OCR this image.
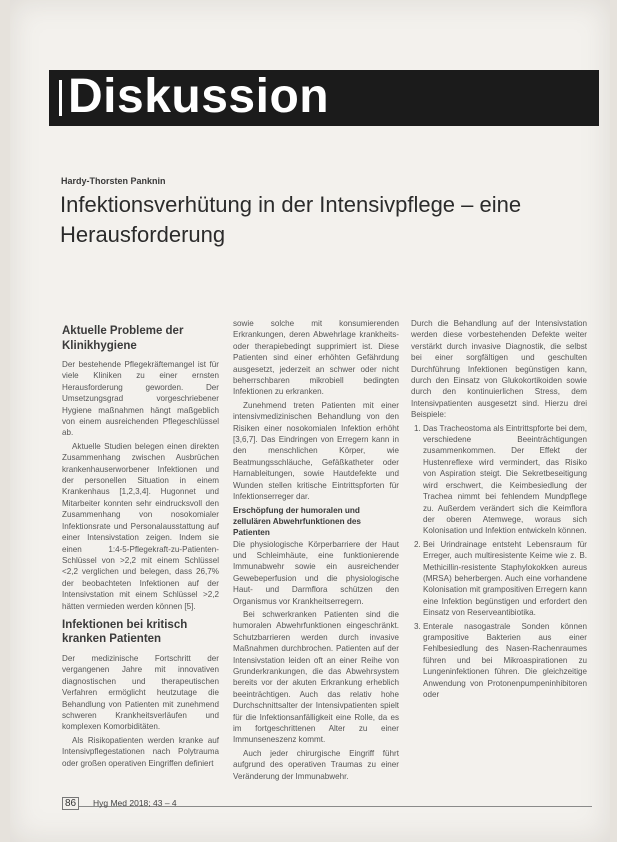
Diskussion
Hardy-Thorsten Panknin
Infektionsverhütung in der Intensivpflege – eine Herausforderung
Aktuelle Probleme der Klinikhygiene

Der bestehende Pflegekräftemangel ist für viele Kliniken zu einer ernsten Herausforderung geworden. Der Umsetzungsgrad vorgeschriebener Hygiene maßnahmen hängt maßgeblich von einem ausreichenden Pflegeschlüssel ab.

Aktuelle Studien belegen einen direkten Zusammenhang zwischen Ausbrüchen krankenhauserworbener Infektionen und der personellen Situation in einem Krankenhaus [1,2,3,4]. Hugonnet und Mitarbeiter konnten sehr eindrucksvoll den Zusammenhang von nosokomialer Infektionsrate und Personalausstattung auf einer Intensivstation zeigen. Indem sie einen 1:4-5-Pflegekraft-zu-Patienten-Schlüssel von >2,2 mit einem Schlüssel <2,2 verglichen und belegen, dass 26,7% der beobachteten Infektionen auf der Intensivstation mit einem Schlüssel >2,2 hätten vermieden werden können [5].

Infektionen bei kritisch kranken Patienten

Der medizinische Fortschritt der vergangenen Jahre mit innovativen diagnostischen und therapeutischen Verfahren ermöglicht heutzutage die Behandlung von Patienten mit zunehmend schweren Krankheitsverläufen und komplexen Komorbiditäten.

Als Risikopatienten werden kranke auf Intensivpflegestationen nach Polytrauma oder großen operativen Eingriffen definiert

sowie solche mit konsumierenden Erkrankungen, deren Abwehrlage krankheits- oder therapiebedingt supprimiert ist. Diese Patienten sind einer erhöhten Gefährdung ausgesetzt, jederzeit an schwer oder nicht beherrschbaren mikrobiell bedingten Infektionen zu erkranken.

Zunehmend treten Patienten mit einer intensivmedizinischen Behandlung von den Risiken einer nosokomialen Infektion erhöht [3,6,7]. Das Eindringen von Erregern kann in den menschlichen Körper, wie Beatmungsschläuche, Gefäßkatheter oder Harnableitungen, sowie Hautdefekte und Wunden stellen kritische Eintrittspforten für Infektionserreger dar.

Erschöpfung der humoralen und zellulären Abwehrfunktionen des Patienten

Die physiologische Körperbarriere der Haut und Schleimhäute, eine funktionierende Immunabwehr sowie ein ausreichender Gewebeperfusion und die physiologische Haut- und Darmflora schützen den Organismus vor Krankheitserregern.

Bei schwerkranken Patienten sind die humoralen Abwehrfunktionen eingeschränkt. Schutzbarrieren werden durch invasive Maßnahmen durchbrochen. Patienten auf der Intensivstation leiden oft an einer Reihe von Grunderkrankungen, die das Abwehrsystem bereits vor der akuten Erkrankung erheblich beeinträchtigen. Auch das relativ hohe Durchschnittsalter der Intensivpatienten spielt für die Infektionsanfälligkeit eine Rolle, da es im fortgeschrittenen Alter zu einer Immunseneszenz kommt.

Auch jeder chirurgische Eingriff führt aufgrund des operativen Traumas zu einer Veränderung der Immunabwehr.

Durch die Behandlung auf der Intensivstation werden diese vorbestehenden Defekte weiter verstärkt durch invasive Diagnostik, die selbst bei einer sorgfältigen und geschulten Durchführung Infektionen begünstigen kann, durch den Einsatz von Glukokortikoiden sowie durch den kontinuierlichen Stress, dem Intensivpatienten ausgesetzt sind. Hierzu drei Beispiele:

1. Das Tracheostoma als Eintrittspforte bei dem, verschiedene Beeinträchtigungen zusammenkommen. Der Effekt der Hustenreflexe wird vermindert, das Risiko von Aspiration steigt. Die Sekretbeseitigung wird erschwert, die Keimbesiedlung der Trachea nimmt bei fehlendem Mundpflege zu. Außerdem verändert sich die Keimflora der oberen Atemwege, woraus sich Kolonisation und Infektion entwickeln können.
2. Bei Urindrainage entsteht Lebensraum für Erreger, auch multiresistente Keime wie z. B. Methicillin-resistente Staphylokokken aureus (MRSA) beherbergen. Auch eine vorhandene Kolonisation mit grampositiven Erregern kann eine Infektion begünstigen und erfordert den Einsatz von Reserveantibiotika.
3. Enterale nasogastrale Sonden können grampositive Bakterien aus einer Fehlbesiedlung des Nasen-Rachenraumes führen und bei Mikroaspirationen zu Lungeninfektionen führen. Die gleichzeitige Anwendung von Protonenpumpeninhibitoren oder
86	Hyg Med 2018; 43 – 4
